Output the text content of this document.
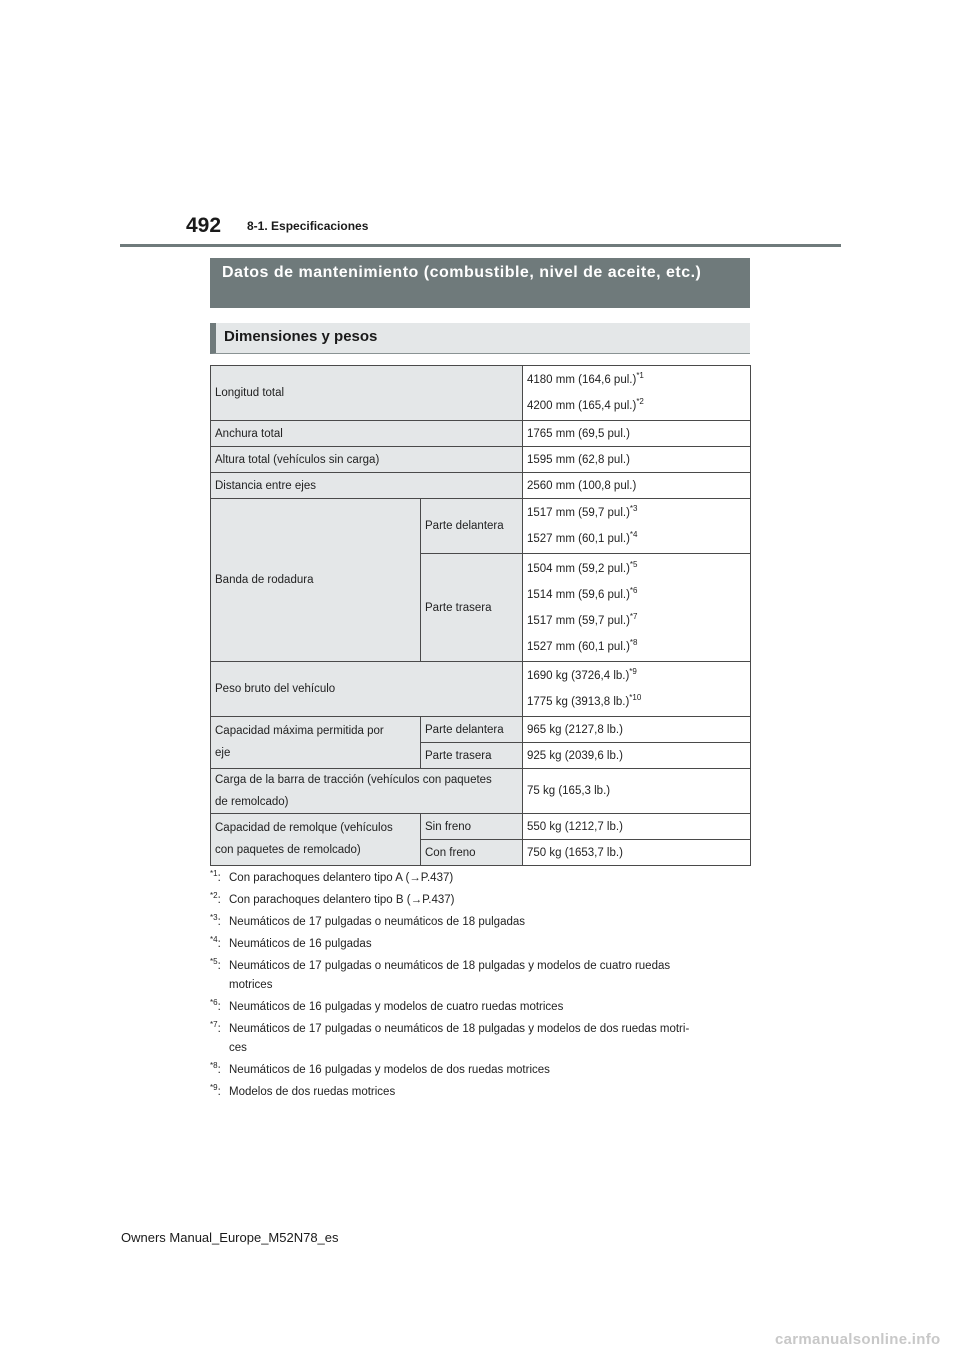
492 8-1. Especificaciones
Datos de mantenimiento (combustible, nivel de aceite, etc.)
Dimensiones y pesos
Longitud total		4180 mm (164,6 pul.)$^{*1}$
4200 mm (165,4 pul.)$^{*2}$

Anchura total		1765 mm (69,5 pul.)
Altura total (vehículos sin carga)		1595 mm (62,8 pul.)
Distancia entre ejes		2560 mm (100,8 pul.)
Banda de rodadura	Parte delantera	1517 mm (59,7 pul.)$^{*3}$
1527 mm (60,1 pul.)$^{*4}$

	Parte trasera	1504 mm (59,2 pul.)$^{*5}$
1514 mm (59,6 pul.)$^{*6}$
1517 mm (59,7 pul.)$^{*7}$
1527 mm (60,1 pul.)$^{*8}$

Peso bruto del vehículo		1690 kg (3726,4 lb.)$^{*9}$
1775 kg (3913,8 lb.)$^{*10}$

Capacidad máxima permitida por
eje	Parte delantera	965 kg (2127,8 lb.)
	Parte trasera	925 kg (2039,6 lb.)

Carga de la barra de tracción (vehículos con paquetes
de remolcado)		75 kg (165,3 lb.)

Capacidad de remolque (vehículos
con paquetes de remolcado)	Sin freno	550 kg (1212,7 lb.)
	Con freno	750 kg (1653,7 lb.)
$^{*1}$: Con parachoques delantero tipo A (→P.437)
$^{*2}$: Con parachoques delantero tipo B (→P.437)
$^{*3}$: Neumáticos de 17 pulgadas o neumáticos de 18 pulgadas
$^{*4}$: Neumáticos de 16 pulgadas
$^{*5}$: Neumáticos de 17 pulgadas o neumáticos de 18 pulgadas y modelos de cuatro ruedas
motrices
$^{*6}$: Neumáticos de 16 pulgadas y modelos de cuatro ruedas motrices
$^{*7}$: Neumáticos de 17 pulgadas o neumáticos de 18 pulgadas y modelos de dos ruedas motri-
ces
$^{*8}$: Neumáticos de 16 pulgadas y modelos de dos ruedas motrices
$^{*9}$: Modelos de dos ruedas motrices
Owners Manual_Europe_M52N78_es
carmanualsonline.info
